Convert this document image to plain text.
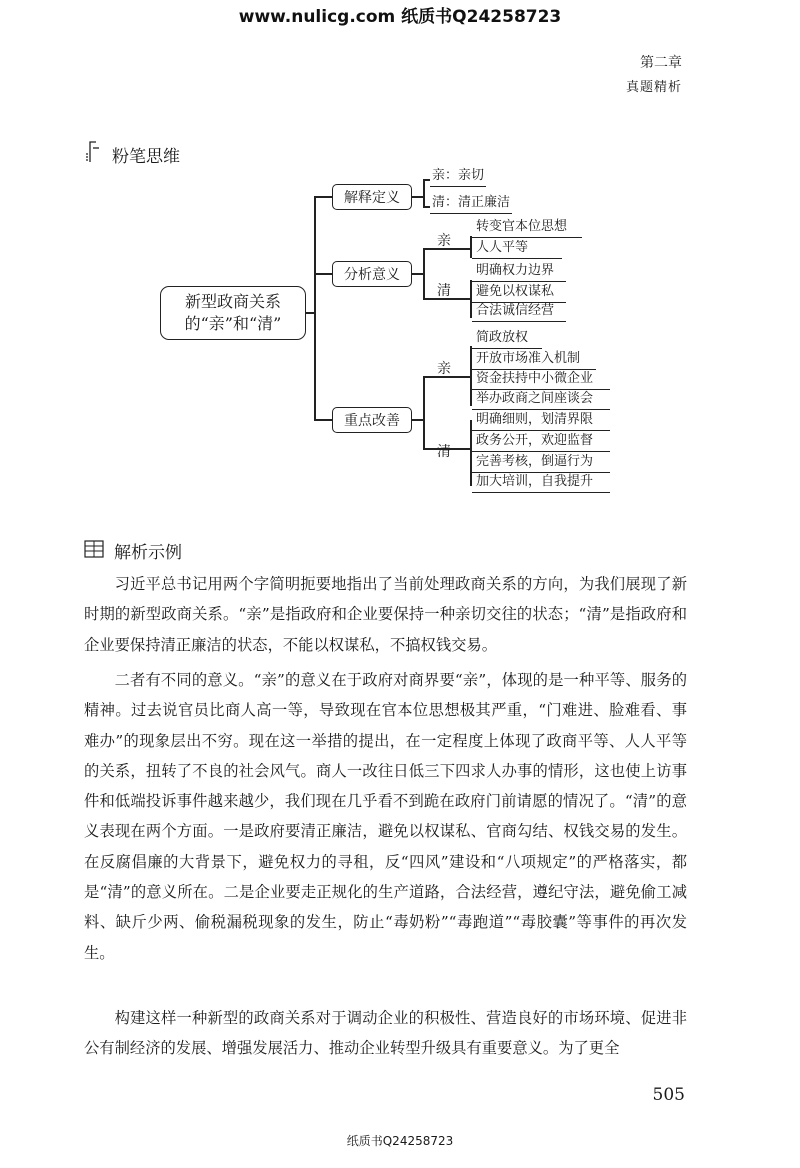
www.nulicg.com 纸质书Q24258723
第二章
真题精析
粉笔思维
新型政商关系
的“亲”和“清”
解释定义
分析意义
重点改善
亲：亲切
清：清正廉洁
亲
清
转变官本位思想
人人平等
明确权力边界
避免以权谋私
合法诚信经营
亲
清
简政放权
开放市场准入机制
资金扶持中小微企业
举办政商之间座谈会
明确细则，划清界限
政务公开，欢迎监督
完善考核，倒逼行为
加大培训，自我提升
解析示例

习近平总书记用两个字简明扼要地指出了当前处理政商关系的方向，为我们展现了新时期的新型政商关系。“亲”是指政府和企业要保持一种亲切交往的状态；“清”是指政府和企业要保持清正廉洁的状态，不能以权谋私，不搞权钱交易。

二者有不同的意义。“亲”的意义在于政府对商界要“亲”，体现的是一种平等、服务的精神。过去说官员比商人高一等，导致现在官本位思想极其严重，“门难进、脸难看、事难办”的现象层出不穷。现在这一举措的提出，在一定程度上体现了政商平等、人人平等的关系，扭转了不良的社会风气。商人一改往日低三下四求人办事的情形，这也使上访事件和低端投诉事件越来越少，我们现在几乎看不到跪在政府门前请愿的情况了。“清”的意义表现在两个方面。一是政府要清正廉洁，避免以权谋私、官商勾结、权钱交易的发生。在反腐倡廉的大背景下，避免权力的寻租，反“四风”建设和“八项规定”的严格落实，都是“清”的意义所在。二是企业要走正规化的生产道路，合法经营，遵纪守法，避免偷工减料、缺斤少两、偷税漏税现象的发生，防止“毒奶粉”“毒跑道”“毒胶囊”等事件的再次发生。

构建这样一种新型的政商关系对于调动企业的积极性、营造良好的市场环境、促进非公有制经济的发展、增强发展活力、推动企业转型升级具有重要意义。为了更全

505
纸质书Q24258723
